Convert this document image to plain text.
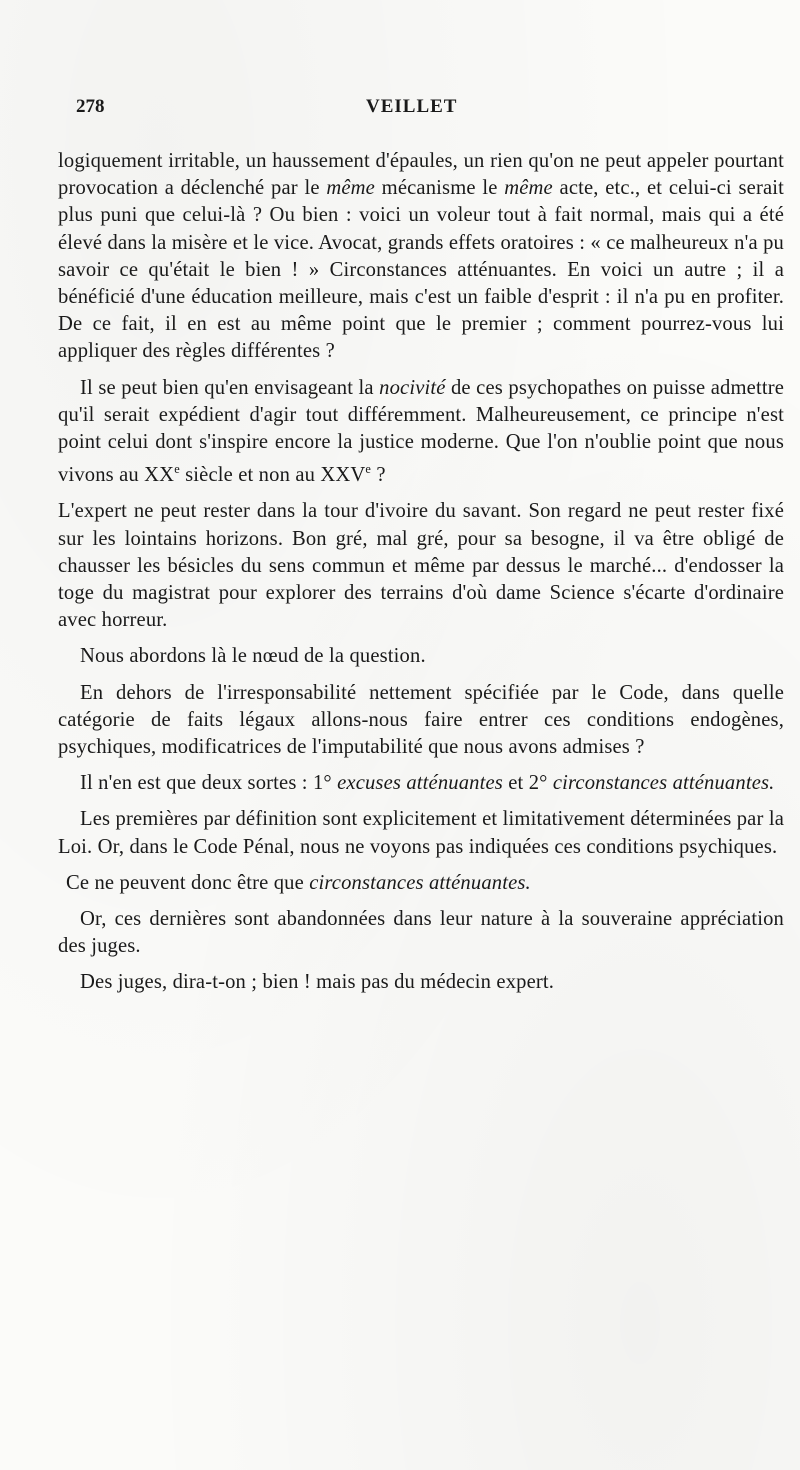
278	VEILLET

logiquement irritable, un haussement d'épaules, un rien qu'on ne peut appeler pourtant provocation a déclenché par le même mécanisme le même acte, etc., et celui-ci serait plus puni que celui-là ? Ou bien : voici un voleur tout à fait normal, mais qui a été élevé dans la misère et le vice. Avocat, grands effets oratoires : « ce malheureux n'a pu savoir ce qu'était le bien ! » Circonstances atténuantes. En voici un autre ; il a bénéficié d'une éducation meilleure, mais c'est un faible d'esprit : il n'a pu en profiter. De ce fait, il en est au même point que le premier ; comment pourrez-vous lui appliquer des règles différentes ?

Il se peut bien qu'en envisageant la nocivité de ces psychopathes on puisse admettre qu'il serait expédient d'agir tout différemment. Malheureusement, ce principe n'est point celui dont s'inspire encore la justice moderne. Que l'on n'oublie point que nous vivons au XXe siècle et non au XXVe ?

L'expert ne peut rester dans la tour d'ivoire du savant. Son regard ne peut rester fixé sur les lointains horizons. Bon gré, mal gré, pour sa besogne, il va être obligé de chausser les bésicles du sens commun et même par dessus le marché... d'endosser la toge du magistrat pour explorer des terrains d'où dame Science s'écarte d'ordinaire avec horreur.

Nous abordons là le nœud de la question.

En dehors de l'irresponsabilité nettement spécifiée par le Code, dans quelle catégorie de faits légaux allons-nous faire entrer ces conditions endogènes, psychiques, modificatrices de l'imputabilité que nous avons admises ?

Il n'en est que deux sortes : 1° excuses atténuantes et 2° circonstances atténuantes.

Les premières par définition sont explicitement et limitativement déterminées par la Loi. Or, dans le Code Pénal, nous ne voyons pas indiquées ces conditions psychiques.

Ce ne peuvent donc être que circonstances atténuantes.

Or, ces dernières sont abandonnées dans leur nature à la souveraine appréciation des juges.

Des juges, dira-t-on ; bien ! mais pas du médecin expert.
